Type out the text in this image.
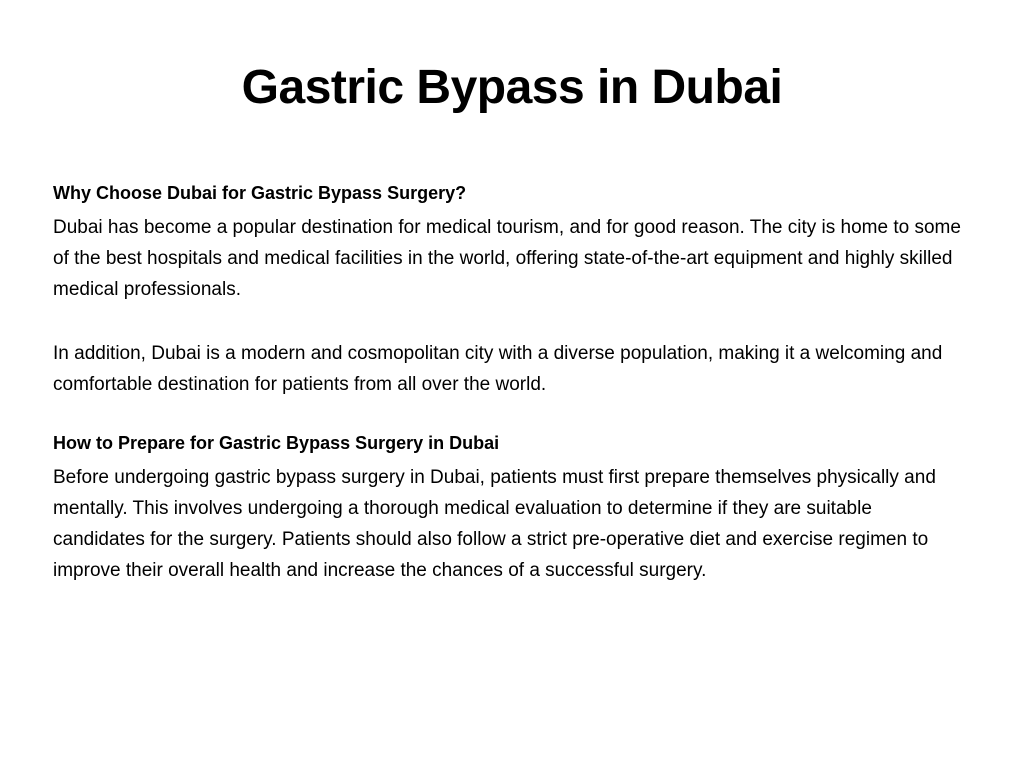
Gastric Bypass in Dubai
Why Choose Dubai for Gastric Bypass Surgery?

Dubai has become a popular destination for medical tourism, and for good reason. The city is home to some of the best hospitals and medical facilities in the world, offering state-of-the-art equipment and highly skilled medical professionals.

In addition, Dubai is a modern and cosmopolitan city with a diverse population, making it a welcoming and comfortable destination for patients from all over the world.

How to Prepare for Gastric Bypass Surgery in Dubai

Before undergoing gastric bypass surgery in Dubai, patients must first prepare themselves physically and mentally. This involves undergoing a thorough medical evaluation to determine if they are suitable candidates for the surgery. Patients should also follow a strict pre-operative diet and exercise regimen to improve their overall health and increase the chances of a successful surgery.
